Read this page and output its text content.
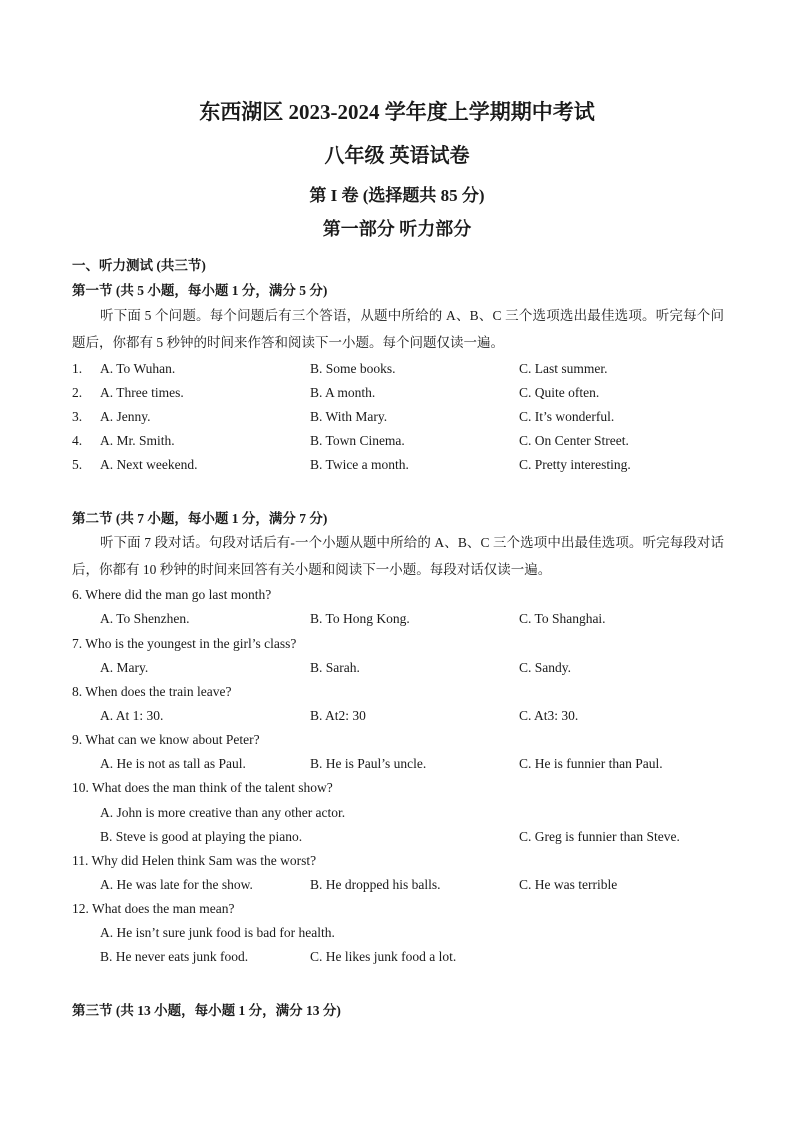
东西湖区 2023-2024 学年度上学期期中考试
八年级 英语试卷
第 I 卷 (选择题共 85 分)
第一部分 听力部分
一、听力测试 (共三节)
第一节 (共 5 小题，每小题 1 分，满分 5 分)
听下面 5 个问题。每个问题后有三个答语，从题中所给的 A、B、C 三个选项选出最佳选项。听完每个问题后，你都有 5 秒钟的时间来作答和阅读下一小题。每个问题仅读一遍。
1. A. To Wuhan.	B. Some books.	C. Last summer.
2. A. Three times.	B. A month.	C. Quite often.
3. A. Jenny.	B. With Mary.	C. It’s wonderful.
4. A. Mr. Smith.	B. Town Cinema.	C. On Center Street.
5. A. Next weekend.	B. Twice a month.	C. Pretty interesting.
第二节 (共 7 小题，每小题 1 分，满分 7 分)
听下面 7 段对话。句段对话后有-一个小题从题中所给的 A、B、C 三个选项中出最佳选项。听完每段对话后，你都有 10 秒钟的时间来回答有关小题和阅读下一小题。每段对话仅读一遍。
6. Where did the man go last month?
A. To Shenzhen.	B. To Hong Kong.	C. To Shanghai.
7. Who is the youngest in the girl’s class?
A. Mary.	B. Sarah.	C. Sandy.
8. When does the train leave?
A. At 1: 30.	B. At2: 30	C. At3: 30.
9. What can we know about Peter?
A. He is not as tall as Paul.	B. He is Paul’s uncle.	C. He is funnier than Paul.
10. What does the man think of the talent show?
A. John is more creative than any other actor.
B. Steve is good at playing the piano.	C. Greg is funnier than Steve.
11. Why did Helen think Sam was the worst?
A. He was late for the show.	B. He dropped his balls.	C. He was terrible
12. What does the man mean?
A. He isn’t sure junk food is bad for health.
B. He never eats junk food.	C. He likes junk food a lot.
第三节 (共 13 小题，每小题 1 分，满分 13 分)
